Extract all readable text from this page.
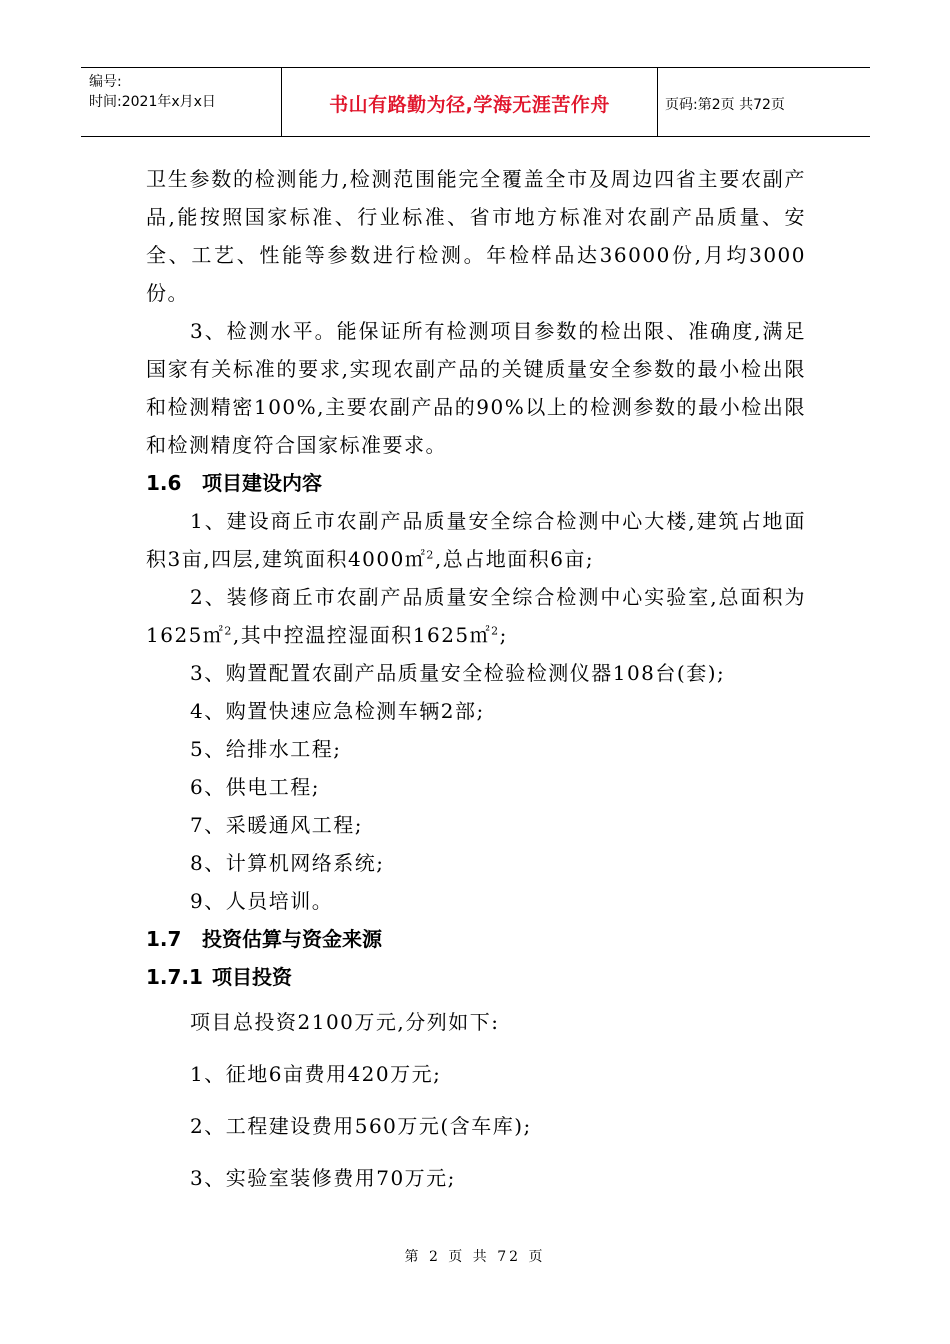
编号:
时间:2021年x月x日	书山有路勤为径,学海无涯苦作舟	页码:第2页 共72页

卫生参数的检测能力,检测范围能完全覆盖全市及周边四省主要农副产品,能按照国家标准、行业标准、省市地方标准对农副产品质量、安全、工艺、性能等参数进行检测。年检样品达36000份,月均3000份。

3、检测水平。能保证所有检测项目参数的检出限、准确度,满足国家有关标准的要求,实现农副产品的关键质量安全参数的最小检出限和检测精密100%,主要农副产品的90%以上的检测参数的最小检出限和检测精度符合国家标准要求。

1.6 项目建设内容

1、建设商丘市农副产品质量安全综合检测中心大楼,建筑占地面积3亩,四层,建筑面积4000㎡$^2$,总占地面积6亩;

2、装修商丘市农副产品质量安全综合检测中心实验室,总面积为1625㎡$^2$,其中控温控湿面积1625㎡$^2$;

3、购置配置农副产品质量安全检验检测仪器108台(套);

4、购置快速应急检测车辆2部;

5、给排水工程;

6、供电工程;

7、采暖通风工程;

8、计算机网络系统;

9、人员培训。

1.7 投资估算与资金来源

1.7.1 项目投资

项目总投资2100万元,分列如下:

1、征地6亩费用420万元;

2、工程建设费用560万元(含车库);

3、实验室装修费用70万元;

第 2 页 共 72 页
